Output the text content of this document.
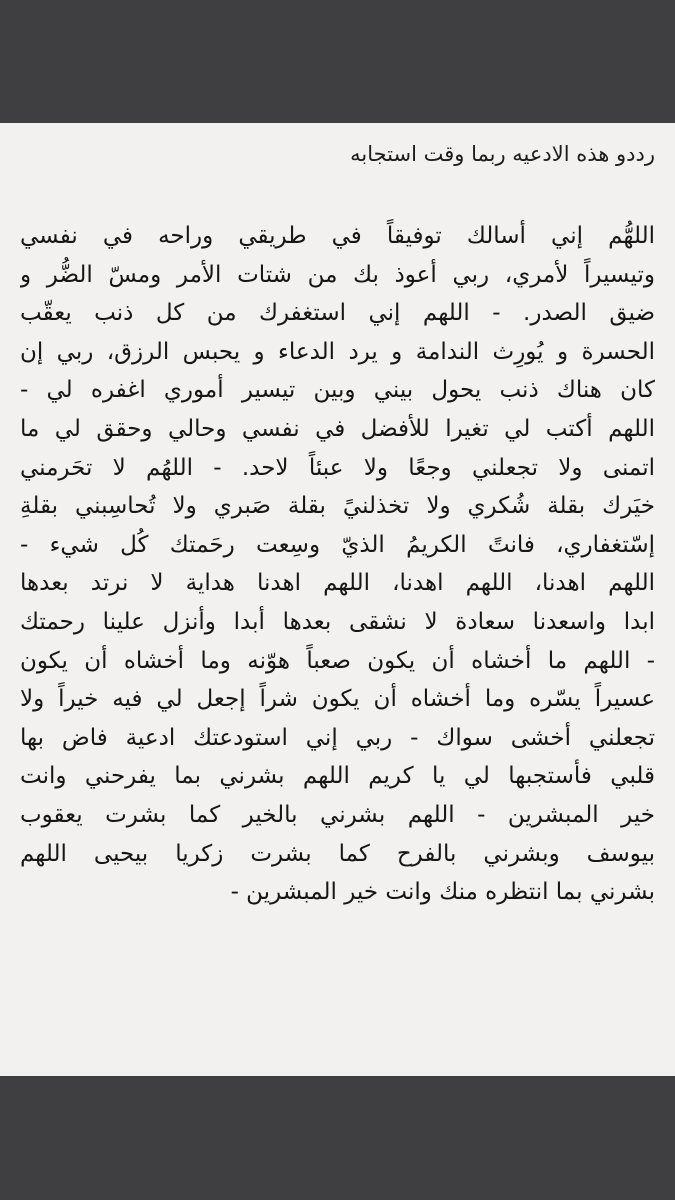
رددو هذه الادعيه ربما وقت استجابه
اللهُّم إني أسالك توفيقاً في طريقي وراحه في نفسي
وتيسيراً لأمري، ربي أعوذ بك من شتات الأمر ومسّ الضُّر و
ضيق الصدر. - اللهم إني استغفرك من كل ذنب يعقّب
الحسرة و يُورِث الندامة و يرد الدعاء و يحبس الرزق، ربي إن
كان هناك ذنب يحول بيني وبين تيسير أموري اغفره لي -
اللهم أكتب لي تغيرا للأفضل في نفسي وحالي وحقق لي ما
اتمنى ولا تجعلني وجعًا ولا عبئاً لاحد. - اللهُم لا تحَرمني
خيَرك بقلة شُكري ولا تخذلنيً بقلة صَبري ولا تُحاسِبني بقلةِ
إسّتغفاري، فانتً الكريمُ الذيّ وسِعت رحَمتك كُل شيء -
اللهم اهدنا، اللهم اهدنا، اللهم اهدنا هداية لا نرتد بعدها
ابدا واسعدنا سعادة لا نشقى بعدها أبدا وأنزل علينا رحمتك
- اللهم ما أخشاه أن يكون صعباً هوّنه وما أخشاه أن يكون
عسيراً يسّره وما أخشاه أن يكون شراً إجعل لي فيه خيراً ولا
تجعلني أخشى سواك - ربي إني استودعتك ادعية فاض بها
قلبي فأستجبها لي يا كريم اللهم بشرني بما يفرحني وانت
خير المبشرين - اللهم بشرني بالخير كما بشرت يعقوب
بيوسف وبشرني بالفرح كما بشرت زكريا بيحيى اللهم
بشرني بما انتظره منك وانت خير المبشرين -
